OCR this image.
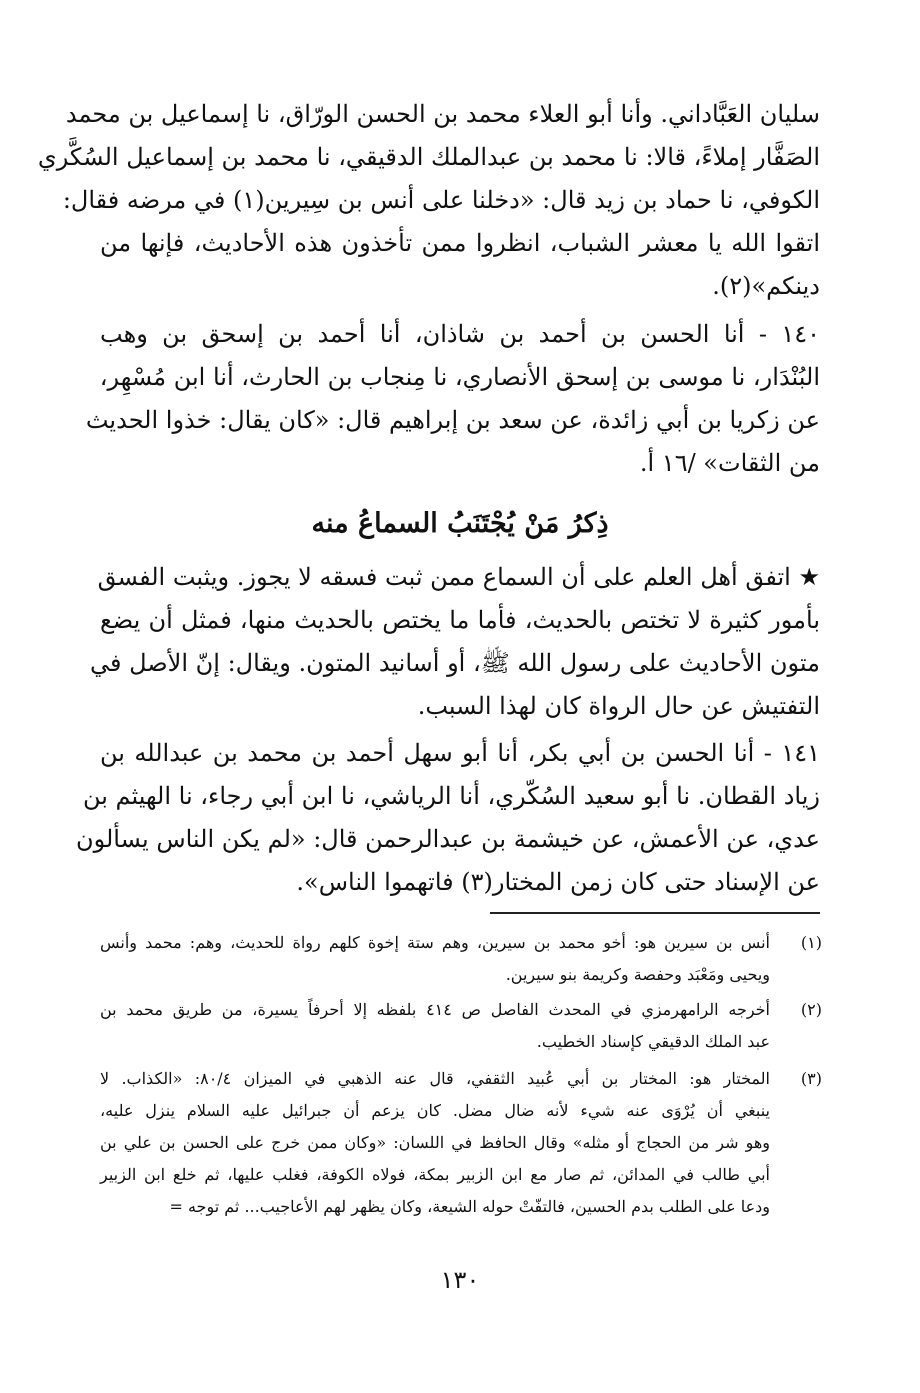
سليان العَبَّاداني. وأنا أبو العلاء محمد بن الحسن الورّاق، نا إسماعيل بن محمد
الصَفَّار إملاءً، قالا: نا محمد بن عبدالملك الدقيقي، نا محمد بن إسماعيل السُكَّري
الكوفي، نا حماد بن زيد قال: «دخلنا على أنس بن سِيرين(١) في مرضه فقال:
اتقوا الله يا معشر الشباب، انظروا ممن تأخذون هذه الأحاديث، فإنها من
دينكم»(٢).
١٤٠ - أنا الحسن بن أحمد بن شاذان، أنا أحمد بن إسحق بن وهب
البُنْدَار، نا موسى بن إسحق الأنصاري، نا مِنجاب بن الحارث، أنا ابن مُسْهِر،
عن زكريا بن أبي زائدة، عن سعد بن إبراهيم قال: «كان يقال: خذوا الحديث
من الثقات» /١٦ أ.
ذِكرُ مَنْ يُجْتَنَبُ السماعُ منه
★ اتفق أهل العلم على أن السماع ممن ثبت فسقه لا يجوز. ويثبت الفسق
بأمور كثيرة لا تختص بالحديث، فأما ما يختص بالحديث منها، فمثل أن يضع
متون الأحاديث على رسول الله ﷺ، أو أسانيد المتون. ويقال: إنّ الأصل في
التفتيش عن حال الرواة كان لهذا السبب.
١٤١ - أنا الحسن بن أبي بكر، أنا أبو سهل أحمد بن محمد بن عبدالله بن
زياد القطان. نا أبو سعيد السُكّري، أنا الرياشي، نا ابن أبي رجاء، نا الهيثم بن
عدي، عن الأعمش، عن خيشمة بن عبدالرحمن قال: «لم يكن الناس يسألون
عن الإسناد حتى كان زمن المختار(٣) فاتهموا الناس».
(١)
أنس بن سيرين هو: أخو محمد بن سيرين، وهم ستة إخوة كلهم رواة للحديث، وهم: محمد وأنس
ويحيى ومَعْبَد وحفصة وكريمة بنو سيرين.
(٢)
أخرجه الرامهرمزي في المحدث الفاصل ص ٤١٤ بلفظه إلا أحرفاً يسيرة، من طريق محمد بن
عبد الملك الدقيقي كإسناد الخطيب.
(٣)
المختار هو: المختار بن أبي عُبيد الثقفي، قال عنه الذهبي في الميزان ٨٠/٤: «الكذاب. لا
ينبغي أن يُرْوَى عنه شيء لأنه ضال مضل. كان يزعم أن جبرائيل عليه السلام ينزل عليه،
وهو شر من الحجاج أو مثله» وقال الحافظ في اللسان: «وكان ممن خرج على الحسن بن علي بن
أبي طالب في المدائن، ثم صار مع ابن الزبير بمكة، فولاه الكوفة، فغلب عليها، ثم خلع ابن الزبير
ودعا على الطلب بدم الحسين، فالتفّتْ حوله الشيعة، وكان يظهر لهم الأعاجيب... ثم توجه =
١٣٠
